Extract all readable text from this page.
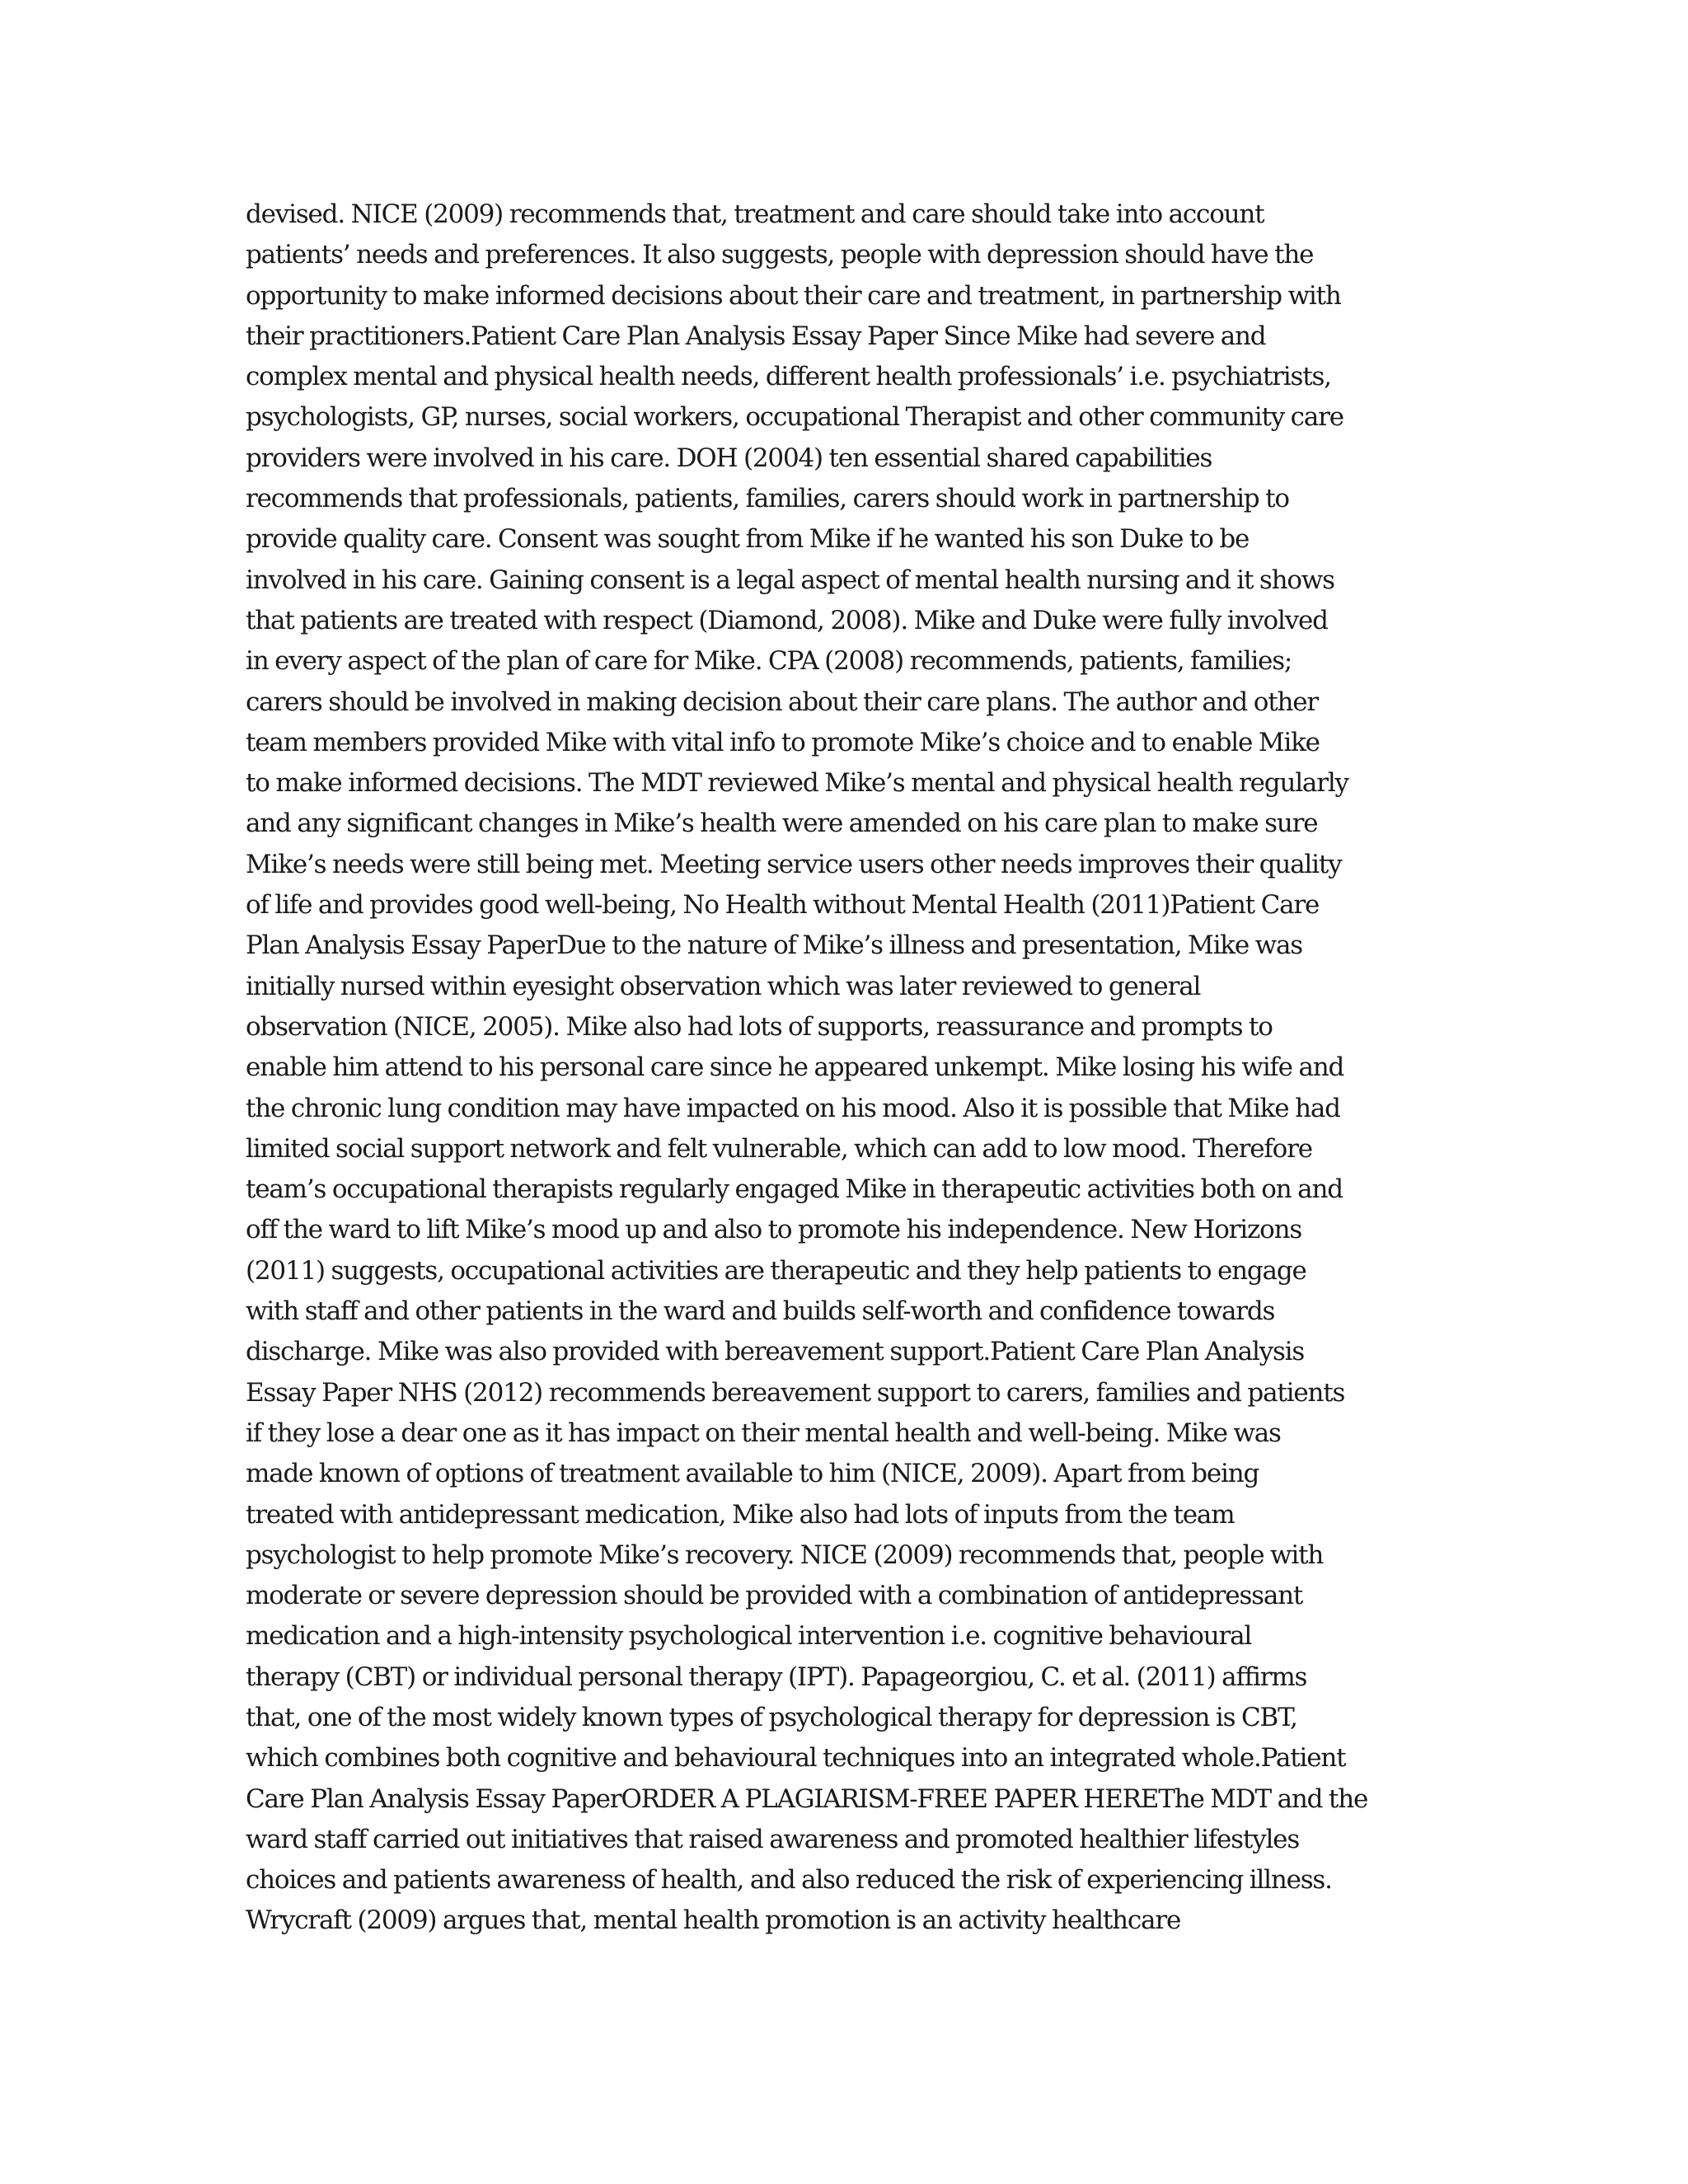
devised. NICE (2009) recommends that, treatment and care should take into account
patients’ needs and preferences. It also suggests, people with depression should have the
opportunity to make informed decisions about their care and treatment, in partnership with
their practitioners.Patient Care Plan Analysis Essay Paper Since Mike had severe and
complex mental and physical health needs, different health professionals’ i.e. psychiatrists,
psychologists, GP, nurses, social workers, occupational Therapist and other community care
providers were involved in his care. DOH (2004) ten essential shared capabilities
recommends that professionals, patients, families, carers should work in partnership to
provide quality care. Consent was sought from Mike if he wanted his son Duke to be
involved in his care. Gaining consent is a legal aspect of mental health nursing and it shows
that patients are treated with respect (Diamond, 2008). Mike and Duke were fully involved
in every aspect of the plan of care for Mike. CPA (2008) recommends, patients, families;
carers should be involved in making decision about their care plans. The author and other
team members provided Mike with vital info to promote Mike’s choice and to enable Mike
to make informed decisions. The MDT reviewed Mike’s mental and physical health regularly
and any significant changes in Mike’s health were amended on his care plan to make sure
Mike’s needs were still being met. Meeting service users other needs improves their quality
of life and provides good well-being, No Health without Mental Health (2011)Patient Care
Plan Analysis Essay PaperDue to the nature of Mike’s illness and presentation, Mike was
initially nursed within eyesight observation which was later reviewed to general
observation (NICE, 2005). Mike also had lots of supports, reassurance and prompts to
enable him attend to his personal care since he appeared unkempt. Mike losing his wife and
the chronic lung condition may have impacted on his mood. Also it is possible that Mike had
limited social support network and felt vulnerable, which can add to low mood. Therefore
team’s occupational therapists regularly engaged Mike in therapeutic activities both on and
off the ward to lift Mike’s mood up and also to promote his independence. New Horizons
(2011) suggests, occupational activities are therapeutic and they help patients to engage
with staff and other patients in the ward and builds self-worth and confidence towards
discharge. Mike was also provided with bereavement support.Patient Care Plan Analysis
Essay Paper NHS (2012) recommends bereavement support to carers, families and patients
if they lose a dear one as it has impact on their mental health and well-being. Mike was
made known of options of treatment available to him (NICE, 2009). Apart from being
treated with antidepressant medication, Mike also had lots of inputs from the team
psychologist to help promote Mike’s recovery. NICE (2009) recommends that, people with
moderate or severe depression should be provided with a combination of antidepressant
medication and a high-intensity psychological intervention i.e. cognitive behavioural
therapy (CBT) or individual personal therapy (IPT). Papageorgiou, C. et al. (2011) affirms
that, one of the most widely known types of psychological therapy for depression is CBT,
which combines both cognitive and behavioural techniques into an integrated whole.Patient
Care Plan Analysis Essay PaperORDER A PLAGIARISM-FREE PAPER HEREThe MDT and the
ward staff carried out initiatives that raised awareness and promoted healthier lifestyles
choices and patients awareness of health, and also reduced the risk of experiencing illness.
Wrycraft (2009) argues that, mental health promotion is an activity healthcare
